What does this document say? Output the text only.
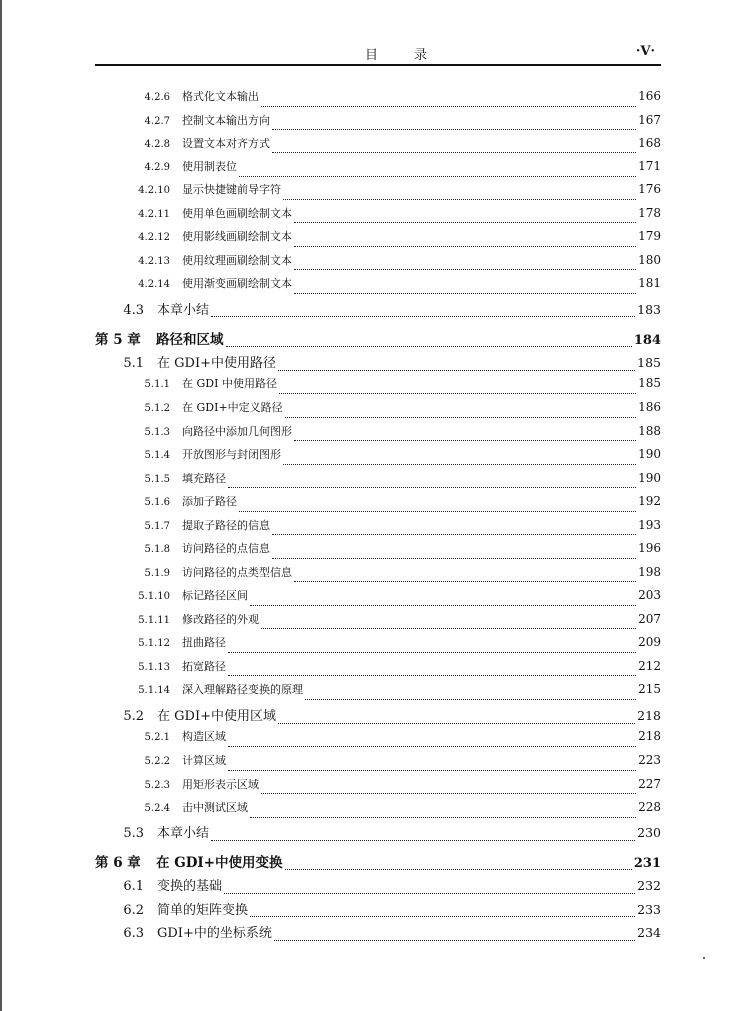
目 录	·V·
4.2.6 格式化文本输出	166
4.2.7 控制文本输出方向	167
4.2.8 设置文本对齐方式	168
4.2.9 使用制表位	171
4.2.10 显示快捷键前导字符	176
4.2.11 使用单色画刷绘制文本	178
4.2.12 使用影线画刷绘制文本	179
4.2.13 使用纹理画刷绘制文本	180
4.2.14 使用渐变画刷绘制文本	181
4.3 本章小结	183
第 5 章 路径和区域	184
5.1 在 GDI+中使用路径	185
5.1.1 在 GDI 中使用路径	185
5.1.2 在 GDI+中定义路径	186
5.1.3 向路径中添加几何图形	188
5.1.4 开放图形与封闭图形	190
5.1.5 填充路径	190
5.1.6 添加子路径	192
5.1.7 提取子路径的信息	193
5.1.8 访问路径的点信息	196
5.1.9 访问路径的点类型信息	198
5.1.10 标记路径区间	203
5.1.11 修改路径的外观	207
5.1.12 扭曲路径	209
5.1.13 拓宽路径	212
5.1.14 深入理解路径变换的原理	215
5.2 在 GDI+中使用区域	218
5.2.1 构造区域	218
5.2.2 计算区域	223
5.2.3 用矩形表示区域	227
5.2.4 击中测试区域	228
5.3 本章小结	230
第 6 章 在 GDI+中使用变换	231
6.1 变换的基础	232
6.2 简单的矩阵变换	233
6.3 GDI+中的坐标系统	234
